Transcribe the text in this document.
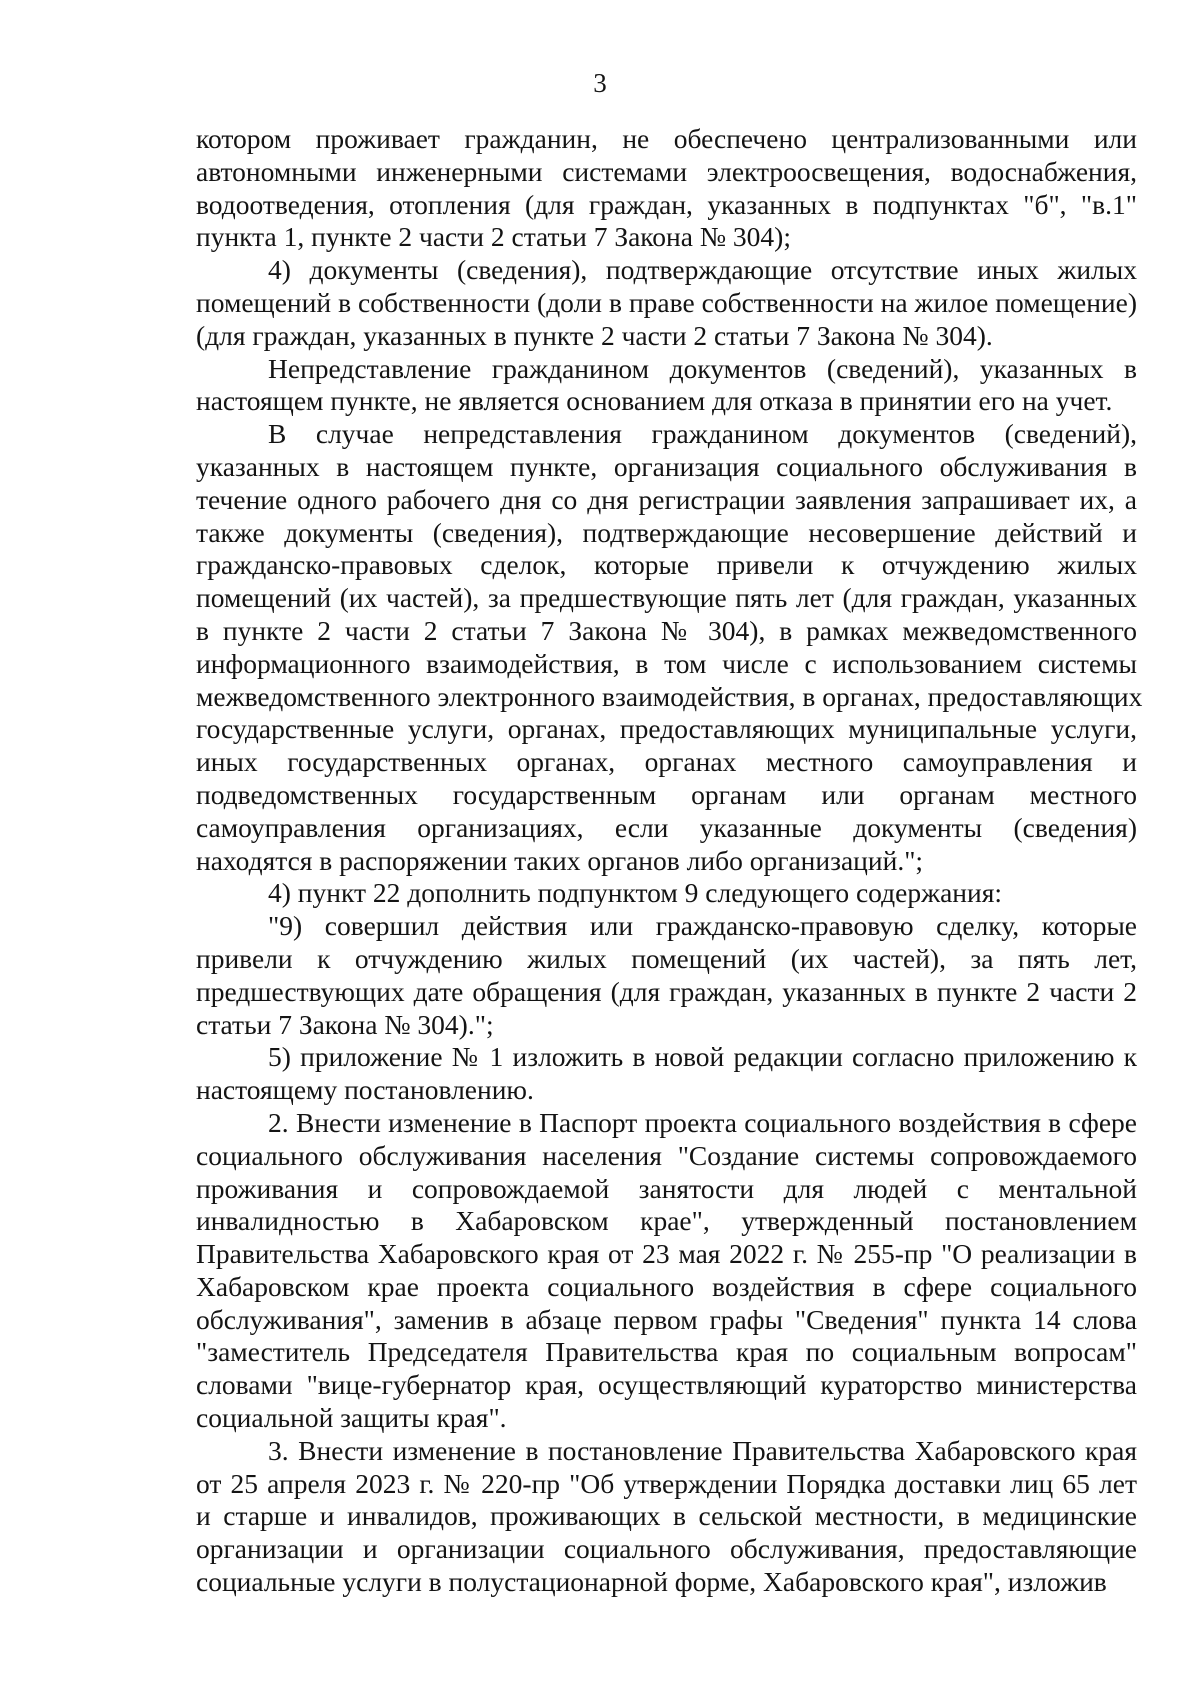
3
котором проживает гражданин, не обеспечено централизованными или
автономными инженерными системами электроосвещения, водоснабжения,
водоотведения, отопления (для граждан, указанных в подпунктах "б", "в.1"
пункта 1, пункте 2 части 2 статьи 7 Закона № 304);
4) документы (сведения), подтверждающие отсутствие иных жилых
помещений в собственности (доли в праве собственности на жилое помещение)
(для граждан, указанных в пункте 2 части 2 статьи 7 Закона № 304).
Непредставление гражданином документов (сведений), указанных в
настоящем пункте, не является основанием для отказа в принятии его на учет.
В случае непредставления гражданином документов (сведений),
указанных в настоящем пункте, организация социального обслуживания в
течение одного рабочего дня со дня регистрации заявления запрашивает их, а
также документы (сведения), подтверждающие несовершение действий и
гражданско-правовых сделок, которые привели к отчуждению жилых
помещений (их частей), за предшествующие пять лет (для граждан, указанных
в пункте 2 части 2 статьи 7 Закона № 304), в рамках межведомственного
информационного взаимодействия, в том числе с использованием системы
межведомственного электронного взаимодействия, в органах, предоставляющих
государственные услуги, органах, предоставляющих муниципальные услуги,
иных государственных органах, органах местного самоуправления и
подведомственных государственным органам или органам местного
самоуправления организациях, если указанные документы (сведения)
находятся в распоряжении таких органов либо организаций.";
4) пункт 22 дополнить подпунктом 9 следующего содержания:
"9) совершил действия или гражданско-правовую сделку, которые
привели к отчуждению жилых помещений (их частей), за пять лет,
предшествующих дате обращения (для граждан, указанных в пункте 2 части 2
статьи 7 Закона № 304).";
5) приложение № 1 изложить в новой редакции согласно приложению к
настоящему постановлению.
2. Внести изменение в Паспорт проекта социального воздействия в сфере
социального обслуживания населения "Создание системы сопровождаемого
проживания и сопровождаемой занятости для людей с ментальной
инвалидностью в Хабаровском крае", утвержденный постановлением
Правительства Хабаровского края от 23 мая 2022 г. № 255-пр "О реализации в
Хабаровском крае проекта социального воздействия в сфере социального
обслуживания", заменив в абзаце первом графы "Сведения" пункта 14 слова
"заместитель Председателя Правительства края по социальным вопросам"
словами "вице-губернатор края, осуществляющий кураторство министерства
социальной защиты края".
3. Внести изменение в постановление Правительства Хабаровского края
от 25 апреля 2023 г. № 220-пр "Об утверждении Порядка доставки лиц 65 лет
и старше и инвалидов, проживающих в сельской местности, в медицинские
организации и организации социального обслуживания, предоставляющие
социальные услуги в полустационарной форме, Хабаровского края", изложив
